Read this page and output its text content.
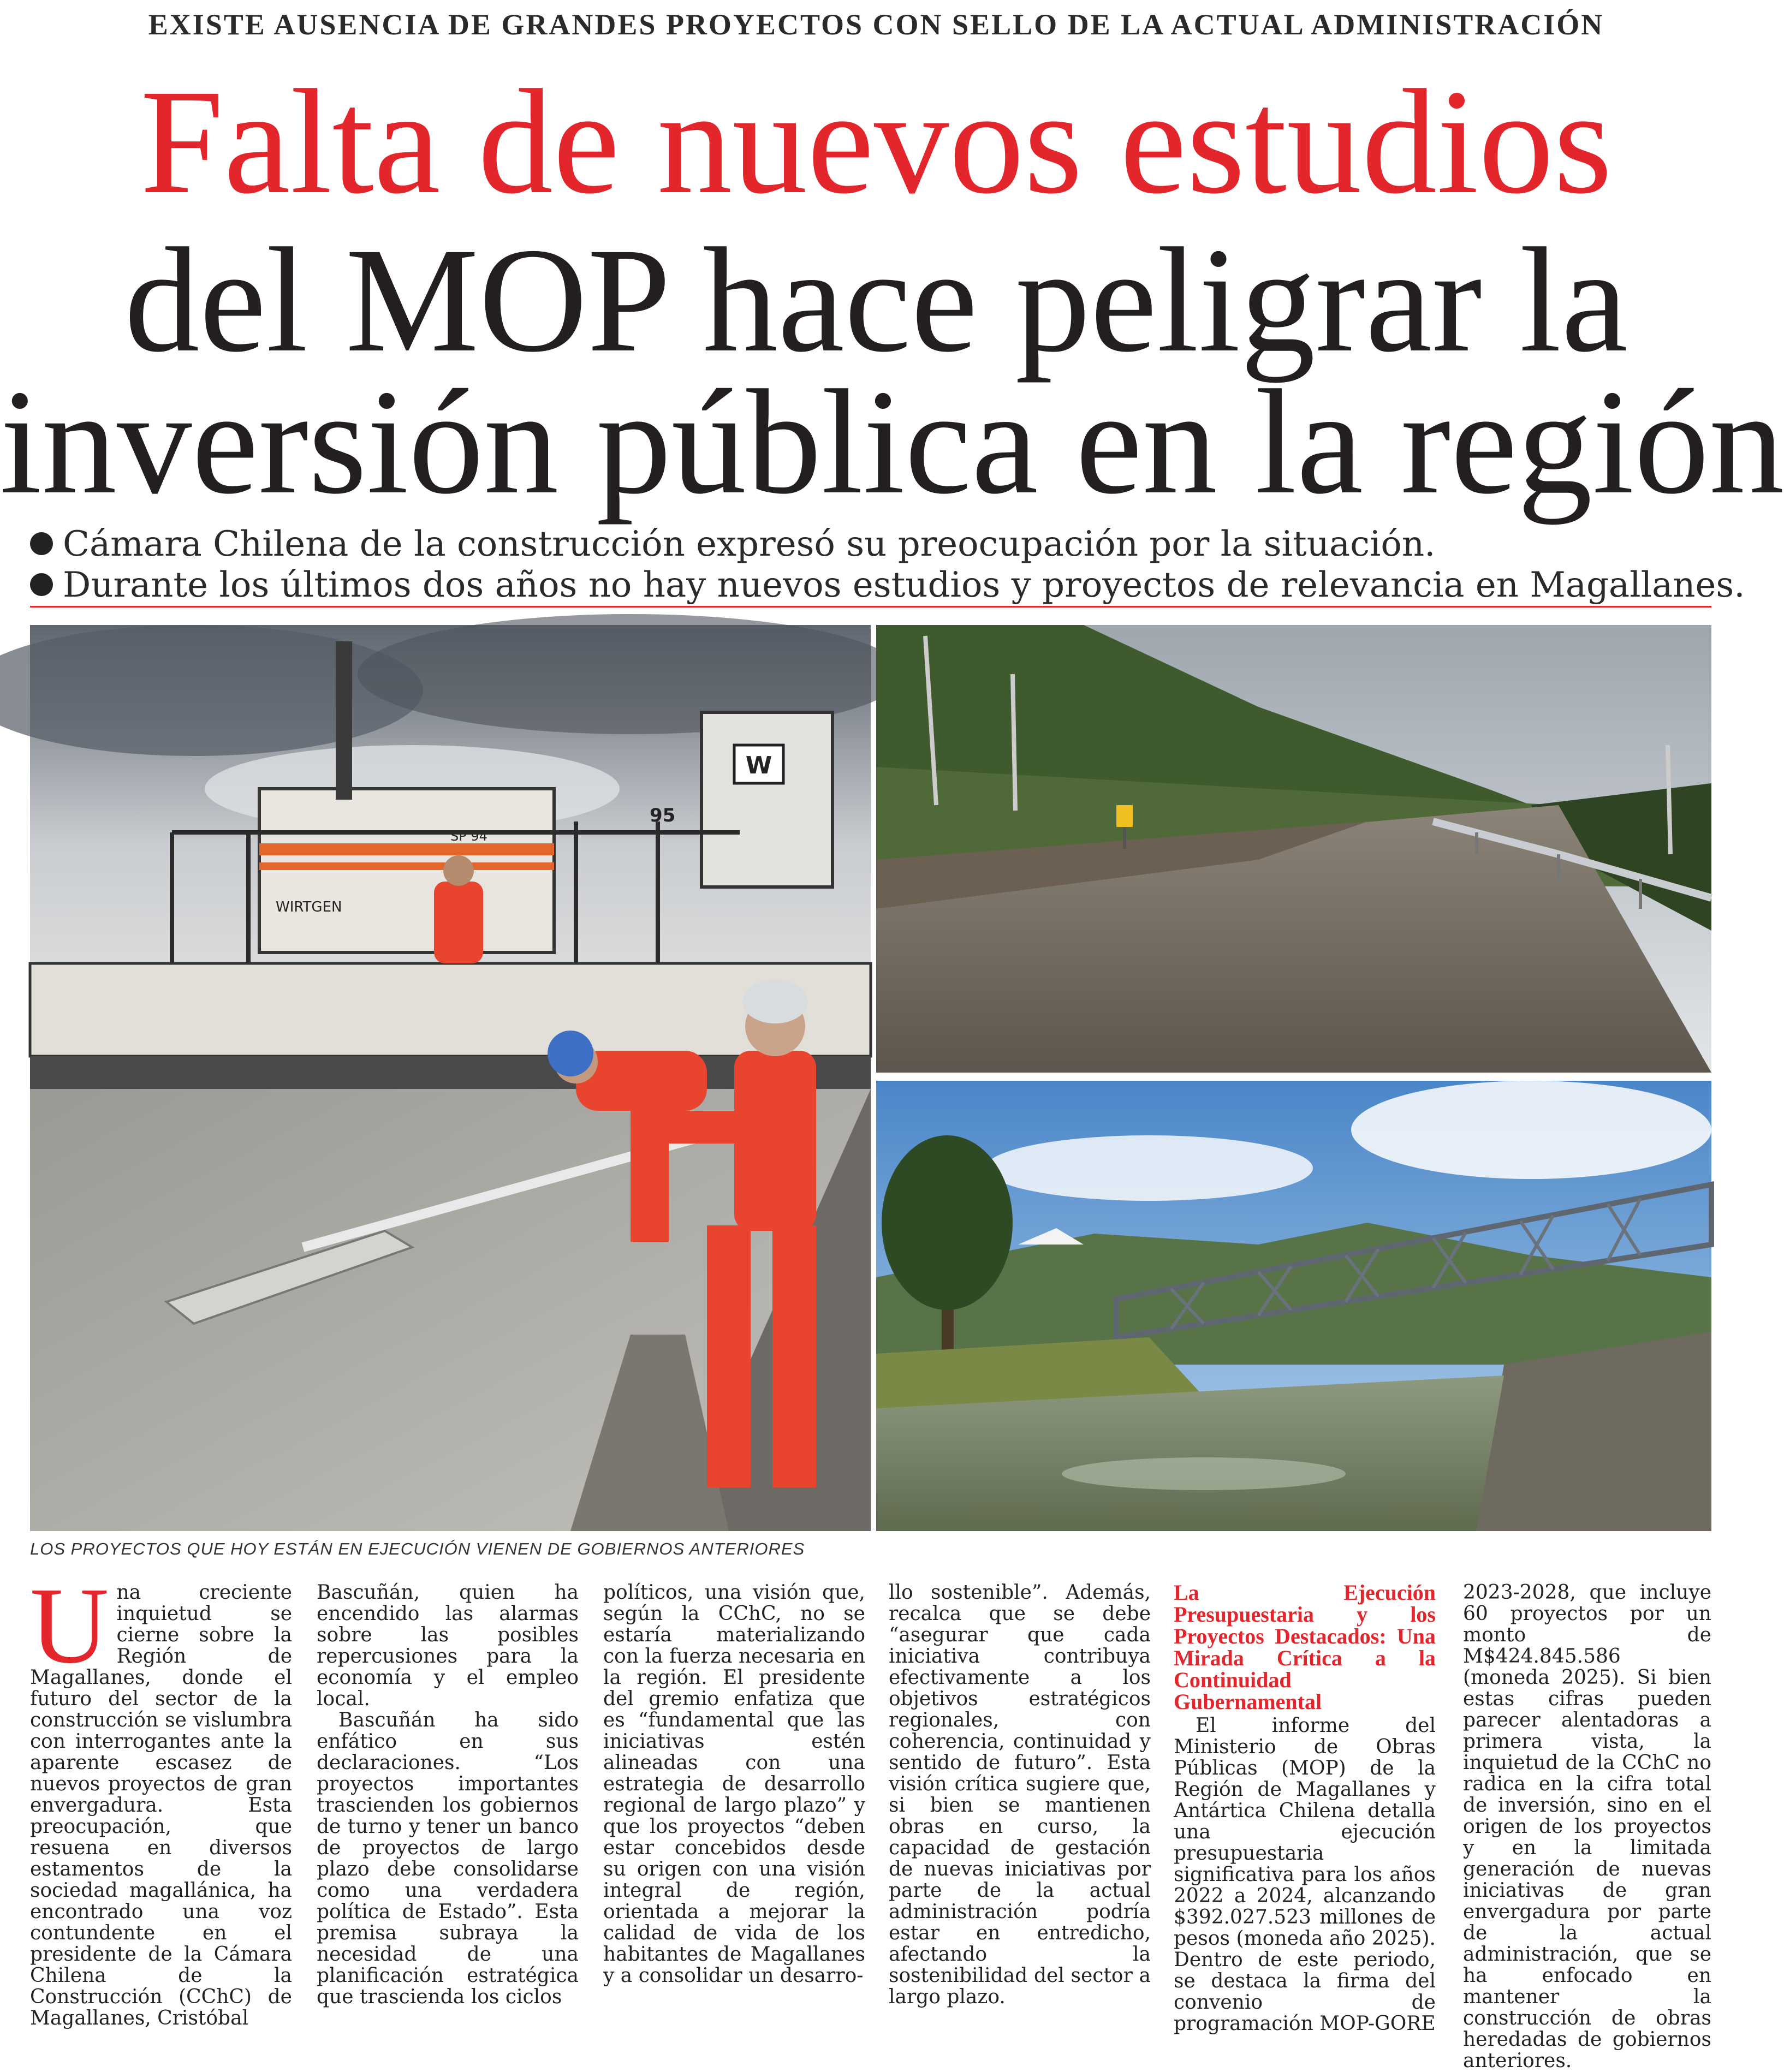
EXISTE AUSENCIA DE GRANDES PROYECTOS CON SELLO DE LA ACTUAL ADMINISTRACIÓN
Falta de nuevos estudios
del MOP hace peligrar la
inversión pública en la región
Cámara Chilena de la construcción expresó su preocupación por la situación.
Durante los últimos dos años no hay nuevos estudios y proyectos de relevancia en Magallanes.
W
95
WIRTGEN
SP 94
LOS PROYECTOS QUE HOY ESTÁN EN EJECUCIÓN VIENEN DE GOBIERNOS ANTERIORES
U na creciente inquietud se cierne sobre la Región de Magallanes, donde el futuro del sector de la construcción se vislumbra con interrogantes ante la aparente escasez de nuevos proyectos de gran envergadura. Esta preocupación, que resuena en diversos estamentos de la sociedad magallánica, ha encontrado una voz contundente en el presidente de la Cámara Chilena de la Construcción (CChC) de Magallanes, Cristóbal

Bascuñán, quien ha encendido las alarmas sobre las posibles repercusiones para la economía y el empleo local.

Bascuñán ha sido enfático en sus declaraciones. “Los proyectos importantes trascienden los gobiernos de turno y tener un banco de proyectos de largo plazo debe consolidarse como una verdadera política de Estado”. Esta premisa subraya la necesidad de una planificación estratégica que trascienda los ciclos

políticos, una visión que, según la CChC, no se estaría materializando con la fuerza necesaria en la región. El presidente del gremio enfatiza que es “fundamental que las iniciativas estén alineadas con una estrategia de desarrollo regional de largo plazo” y que los proyectos “deben estar concebidos desde su origen con una visión integral de región, orientada a mejorar la calidad de vida de los habitantes de Magallanes y a consolidar un desarro-

llo sostenible”. Además, recalca que se debe “asegurar que cada iniciativa contribuya efectivamente a los objetivos estratégicos regionales, con coherencia, continuidad y sentido de futuro”. Esta visión crítica sugiere que, si bien se mantienen obras en curso, la capacidad de gestación de nuevas iniciativas por parte de la actual administración podría estar en entredicho, afectando la sostenibilidad del sector a largo plazo.

La Ejecución Presupuestaria y los Proyectos Destacados: Una Mirada Crítica a la Continuidad Gubernamental

El informe del Ministerio de Obras Públicas (MOP) de la Región de Magallanes y Antártica Chilena detalla una ejecución presupuestaria significativa para los años 2022 a 2024, alcanzando $392.027.523 millones de pesos (moneda año 2025). Dentro de este periodo, se destaca la firma del convenio de programación MOP-GORE

2023-2028, que incluye 60 proyectos por un monto de M$424.845.586 (moneda 2025). Si bien estas cifras pueden parecer alentadoras a primera vista, la inquietud de la CChC no radica en la cifra total de inversión, sino en el origen de los proyectos y en la limitada generación de nuevas iniciativas de gran envergadura por parte de la actual administración, que se ha enfocado en mantener la construcción de obras heredadas de gobiernos anteriores.
